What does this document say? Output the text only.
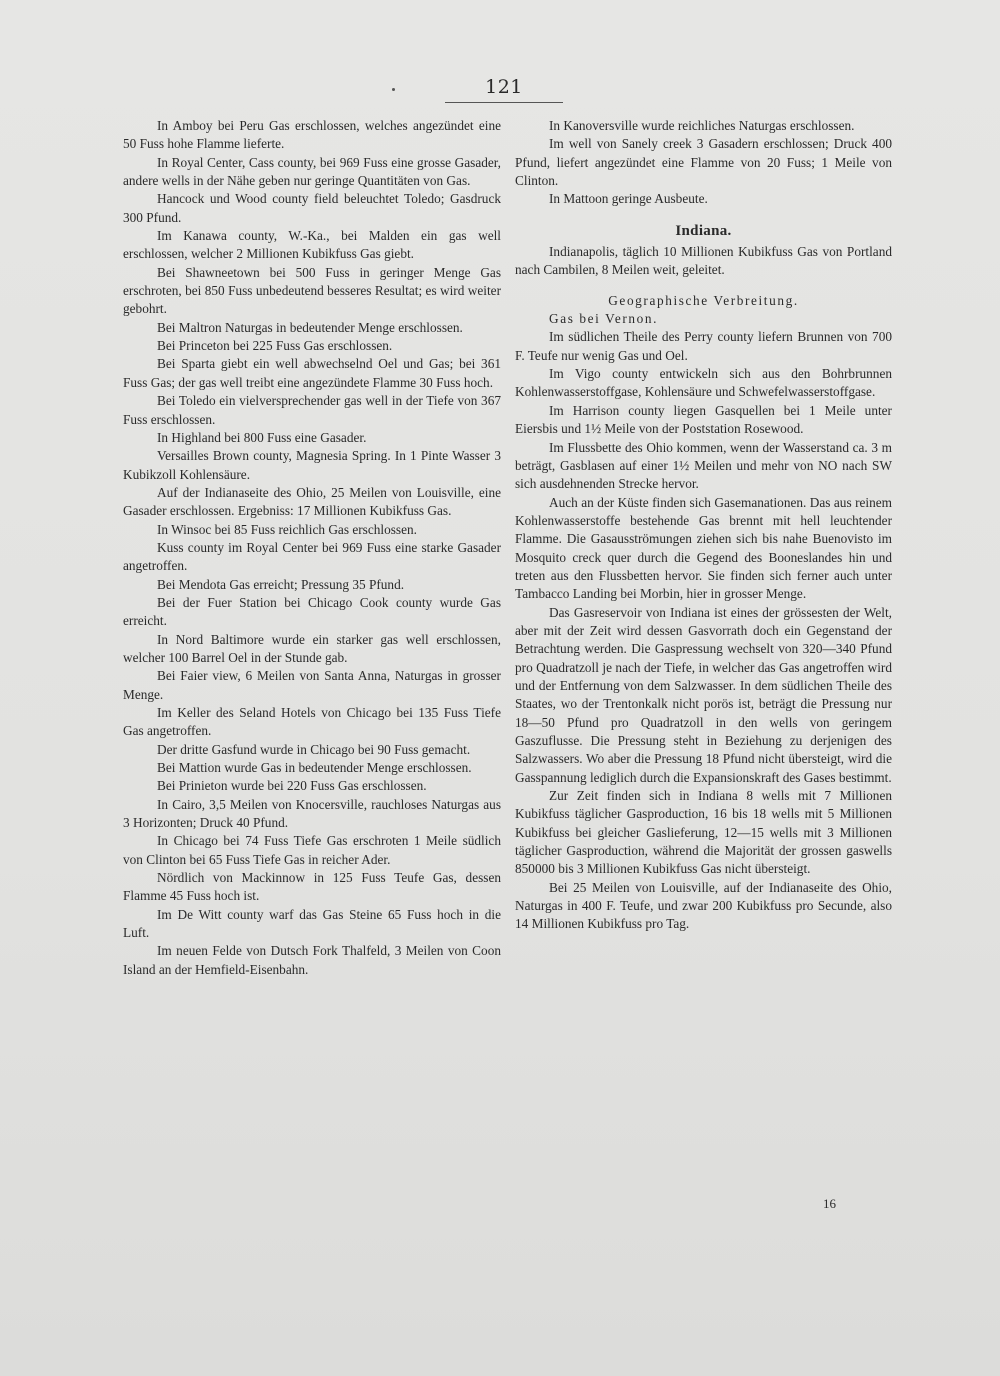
121

In Amboy bei Peru Gas erschlossen, welches angezündet eine 50 Fuss hohe Flamme lieferte.

In Royal Center, Cass county, bei 969 Fuss eine grosse Gasader, andere wells in der Nähe geben nur geringe Quantitäten von Gas.

Hancock und Wood county field beleuchtet Toledo; Gasdruck 300 Pfund.

Im Kanawa county, W.-Ka., bei Malden ein gas well erschlossen, welcher 2 Millionen Kubikfuss Gas giebt.

Bei Shawneetown bei 500 Fuss in geringer Menge Gas erschroten, bei 850 Fuss unbedeutend besseres Resultat; es wird weiter gebohrt.

Bei Maltron Naturgas in bedeutender Menge erschlossen.

Bei Princeton bei 225 Fuss Gas erschlossen.

Bei Sparta giebt ein well abwechselnd Oel und Gas; bei 361 Fuss Gas; der gas well treibt eine angezündete Flamme 30 Fuss hoch.

Bei Toledo ein vielversprechender gas well in der Tiefe von 367 Fuss erschlossen.

In Highland bei 800 Fuss eine Gasader.

Versailles Brown county, Magnesia Spring. In 1 Pinte Wasser 3 Kubikzoll Kohlensäure.

Auf der Indianaseite des Ohio, 25 Meilen von Louisville, eine Gasader erschlossen. Ergebniss: 17 Millionen Kubikfuss Gas.

In Winsoc bei 85 Fuss reichlich Gas erschlossen.

Kuss county im Royal Center bei 969 Fuss eine starke Gasader angetroffen.

Bei Mendota Gas erreicht; Pressung 35 Pfund.

Bei der Fuer Station bei Chicago Cook county wurde Gas erreicht.

In Nord Baltimore wurde ein starker gas well erschlossen, welcher 100 Barrel Oel in der Stunde gab.

Bei Faier view, 6 Meilen von Santa Anna, Naturgas in grosser Menge.

Im Keller des Seland Hotels von Chicago bei 135 Fuss Tiefe Gas angetroffen.

Der dritte Gasfund wurde in Chicago bei 90 Fuss gemacht.

Bei Mattion wurde Gas in bedeutender Menge erschlossen.

Bei Prinieton wurde bei 220 Fuss Gas erschlossen.

In Cairo, 3,5 Meilen von Knocersville, rauchloses Naturgas aus 3 Horizonten; Druck 40 Pfund.

In Chicago bei 74 Fuss Tiefe Gas erschroten 1 Meile südlich von Clinton bei 65 Fuss Tiefe Gas in reicher Ader.

Nördlich von Mackinnow in 125 Fuss Teufe Gas, dessen Flamme 45 Fuss hoch ist.

Im De Witt county warf das Gas Steine 65 Fuss hoch in die Luft.

Im neuen Felde von Dutsch Fork Thalfeld, 3 Meilen von Coon Island an der Hemfield-Eisenbahn.

In Kanoversville wurde reichliches Naturgas erschlossen.

Im well von Sanely creek 3 Gasadern erschlossen; Druck 400 Pfund, liefert angezündet eine Flamme von 20 Fuss; 1 Meile von Clinton.

In Mattoon geringe Ausbeute.

Indiana.

Indianapolis, täglich 10 Millionen Kubikfuss Gas von Portland nach Cambilen, 8 Meilen weit, geleitet.

Geographische Verbreitung.

Gas bei Vernon.

Im südlichen Theile des Perry county liefern Brunnen von 700 F. Teufe nur wenig Gas und Oel.

Im Vigo county entwickeln sich aus den Bohrbrunnen Kohlenwasserstoffgase, Kohlensäure und Schwefelwasserstoffgase.

Im Harrison county liegen Gasquellen bei 1 Meile unter Eiersbis und 1½ Meile von der Poststation Rosewood.

Im Flussbette des Ohio kommen, wenn der Wasserstand ca. 3 m beträgt, Gasblasen auf einer 1½ Meilen und mehr von NO nach SW sich ausdehnenden Strecke hervor.

Auch an der Küste finden sich Gasemanationen. Das aus reinem Kohlenwasserstoffe bestehende Gas brennt mit hell leuchtender Flamme. Die Gasausströmungen ziehen sich bis nahe Buenovisto im Mosquito creck quer durch die Gegend des Booneslandes hin und treten aus den Flussbetten hervor. Sie finden sich ferner auch unter Tambacco Landing bei Morbin, hier in grosser Menge.

Das Gasreservoir von Indiana ist eines der grössesten der Welt, aber mit der Zeit wird dessen Gasvorrath doch ein Gegenstand der Betrachtung werden. Die Gaspressung wechselt von 320—340 Pfund pro Quadratzoll je nach der Tiefe, in welcher das Gas angetroffen wird und der Entfernung von dem Salzwasser. In dem südlichen Theile des Staates, wo der Trentonkalk nicht porös ist, beträgt die Pressung nur 18—50 Pfund pro Quadratzoll in den wells von geringem Gaszuflusse. Die Pressung steht in Beziehung zu derjenigen des Salzwassers. Wo aber die Pressung 18 Pfund nicht übersteigt, wird die Gasspannung lediglich durch die Expansionskraft des Gases bestimmt.

Zur Zeit finden sich in Indiana 8 wells mit 7 Millionen Kubikfuss täglicher Gasproduction, 16 bis 18 wells mit 5 Millionen Kubikfuss bei gleicher Gaslieferung, 12—15 wells mit 3 Millionen täglicher Gasproduction, während die Majorität der grossen gaswells 850000 bis 3 Millionen Kubikfuss Gas nicht übersteigt.

Bei 25 Meilen von Louisville, auf der Indianaseite des Ohio, Naturgas in 400 F. Teufe, und zwar 200 Kubikfuss pro Secunde, also 14 Millionen Kubikfuss pro Tag.

16
